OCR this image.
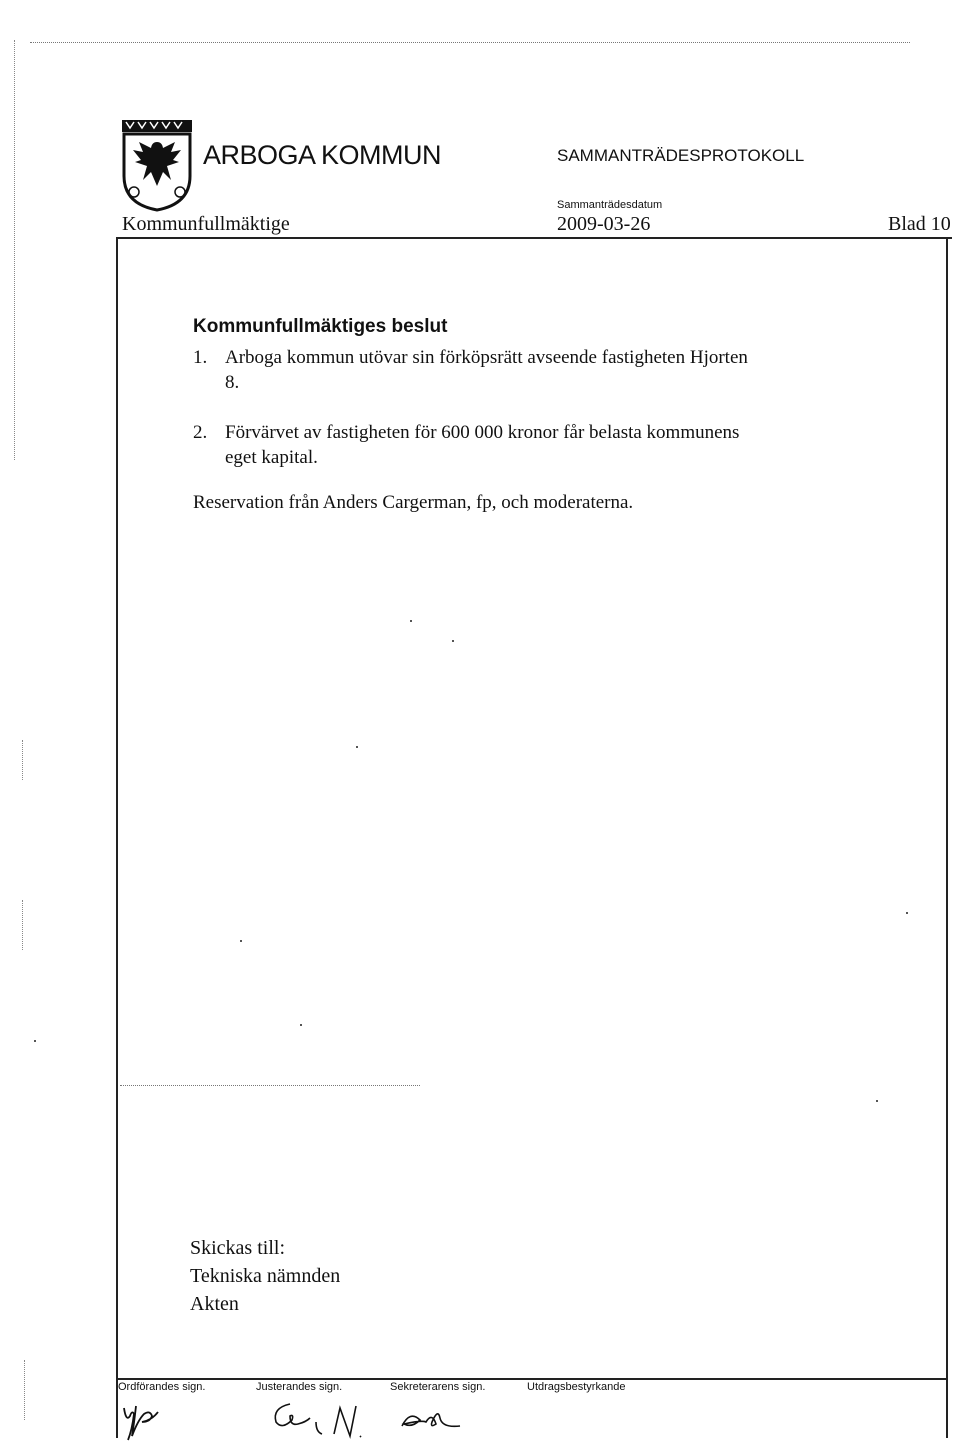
ARBOGA KOMMUN	SAMMANTRÄDESPROTOKOLL
Sammanträdesdatum
Kommunfullmäktige	2009-03-26	Blad 10
Kommunfullmäktiges beslut
1. Arboga kommun utövar sin förköpsrätt avseende fastigheten Hjorten
8.
2. Förvärvet av fastigheten för 600 000 kronor får belasta kommunens
eget kapital.
Reservation från Anders Cargerman, fp, och moderaterna.
Skickas till:
Tekniska nämnden
Akten
Ordförandes sign.	Justerandes sign.	Sekreterarens sign.	Utdragsbestyrkande
